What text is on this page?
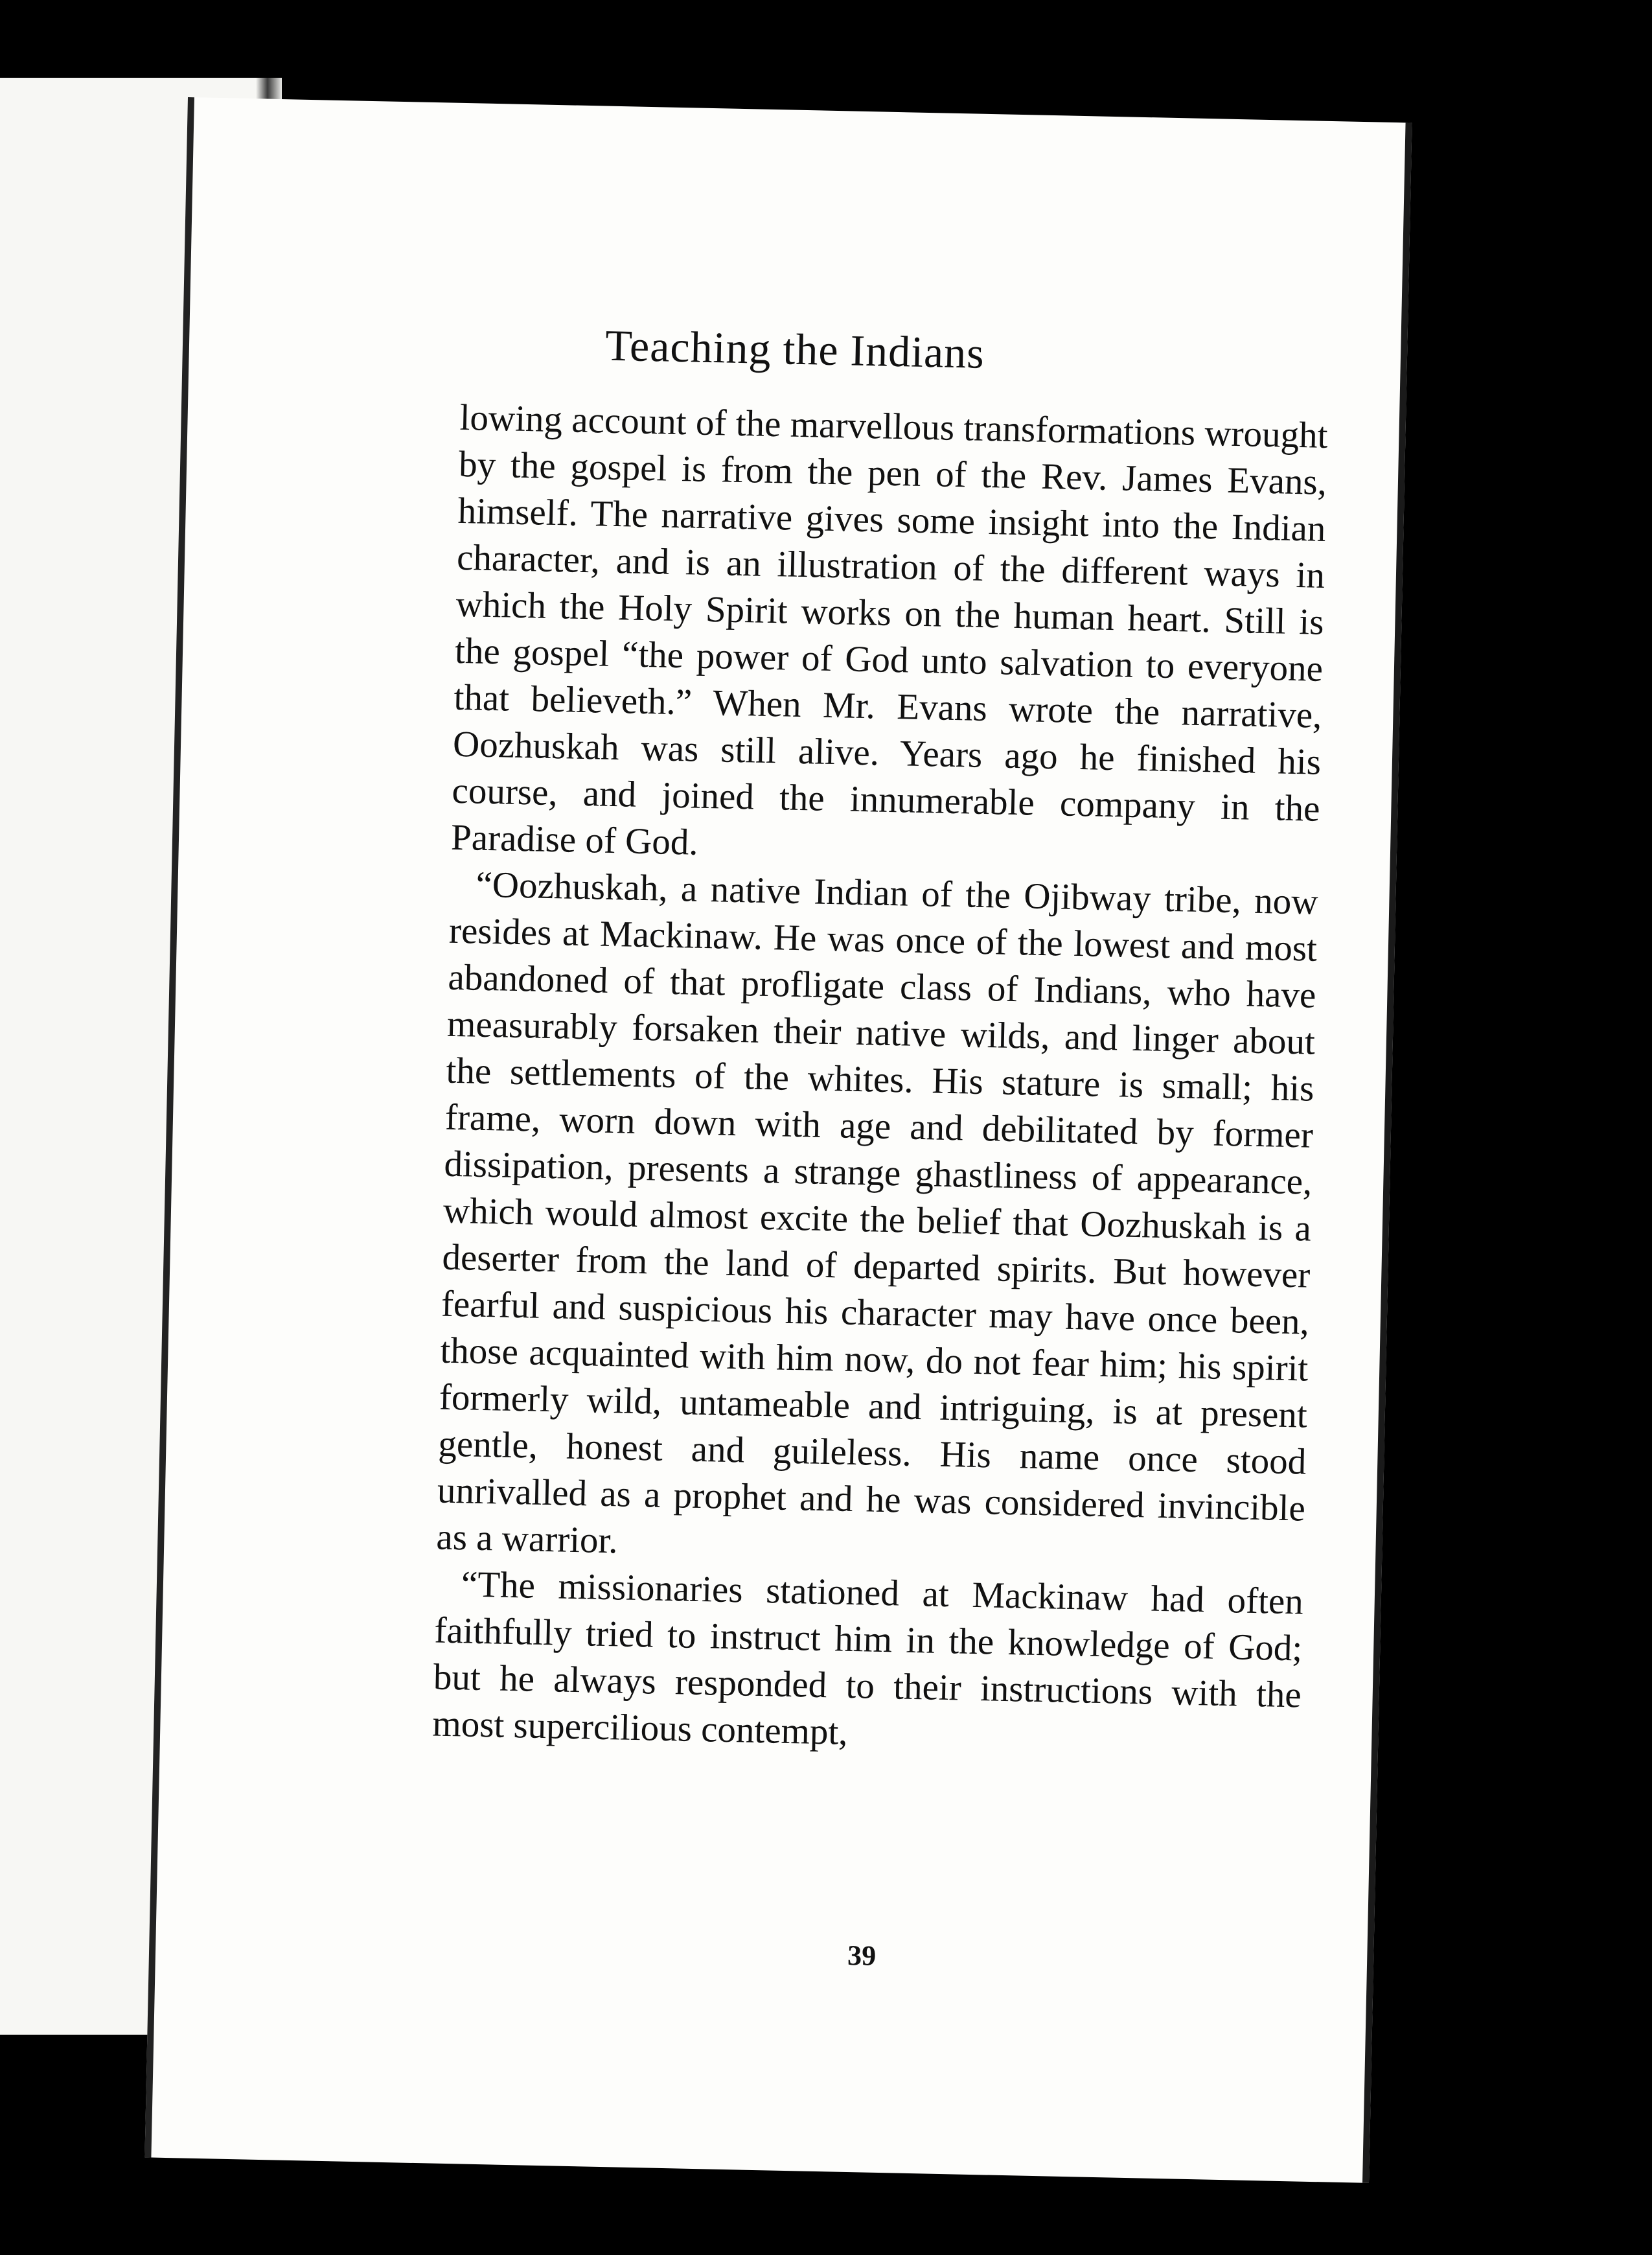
Teaching the Indians

lowing account of the marvellous transformations wrought by the gospel is from the pen of the Rev. James Evans, himself. The narrative gives some insight into the Indian character, and is an illustration of the different ways in which the Holy Spirit works on the human heart. Still is the gospel “the power of God unto salvation to everyone that believeth.” When Mr. Evans wrote the narrative, Oozhuskah was still alive. Years ago he finished his course, and joined the innumerable company in the Paradise of God.

“Oozhuskah, a native Indian of the Ojibway tribe, now resides at Mackinaw. He was once of the lowest and most abandoned of that profligate class of Indians, who have measurably forsaken their native wilds, and linger about the settlements of the whites. His stature is small; his frame, worn down with age and debilitated by former dissipation, presents a strange ghastliness of appearance, which would almost excite the belief that Oozhuskah is a deserter from the land of departed spirits. But however fearful and suspicious his character may have once been, those acquainted with him now, do not fear him; his spirit formerly wild, untameable and intriguing, is at present gentle, honest and guileless. His name once stood unrivalled as a prophet and he was considered invincible as a warrior.

“The missionaries stationed at Mackinaw had often faithfully tried to instruct him in the knowledge of God; but he always responded to their instructions with the most supercilious contempt,

39
